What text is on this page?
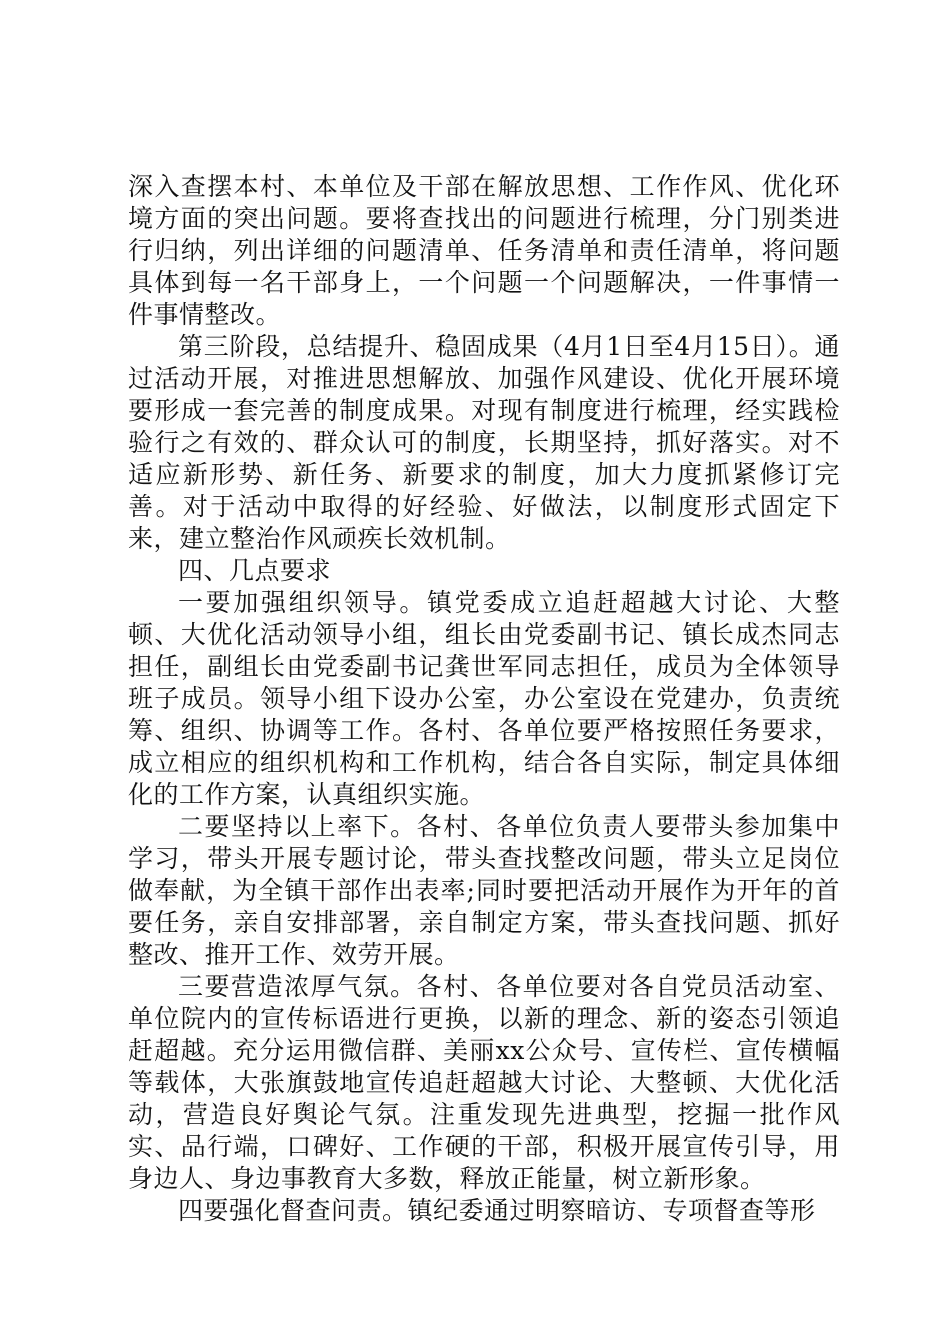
深入查摆本村、本单位及干部在解放思想、工作作风、优化环境方面的突出问题。要将查找出的问题进行梳理，分门别类进行归纳，列出详细的问题清单、任务清单和责任清单，将问题具体到每一名干部身上，一个问题一个问题解决，一件事情一件事情整改。

第三阶段，总结提升、稳固成果（4月1日至4月15日）。通过活动开展，对推进思想解放、加强作风建设、优化开展环境要形成一套完善的制度成果。对现有制度进行梳理，经实践检验行之有效的、群众认可的制度，长期坚持，抓好落实。对不适应新形势、新任务、新要求的制度，加大力度抓紧修订完善。对于活动中取得的好经验、好做法，以制度形式固定下来，建立整治作风顽疾长效机制。

四、几点要求

一要加强组织领导。镇党委成立追赶超越大讨论、大整顿、大优化活动领导小组，组长由党委副书记、镇长成杰同志担任，副组长由党委副书记龚世军同志担任，成员为全体领导班子成员。领导小组下设办公室，办公室设在党建办，负责统筹、组织、协调等工作。各村、各单位要严格按照任务要求，成立相应的组织机构和工作机构，结合各自实际，制定具体细化的工作方案，认真组织实施。

二要坚持以上率下。各村、各单位负责人要带头参加集中学习，带头开展专题讨论，带头查找整改问题，带头立足岗位做奉献，为全镇干部作出表率;同时要把活动开展作为开年的首要任务，亲自安排部署，亲自制定方案，带头查找问题、抓好整改、推开工作、效劳开展。

三要营造浓厚气氛。各村、各单位要对各自党员活动室、单位院内的宣传标语进行更换，以新的理念、新的姿态引领追赶超越。充分运用微信群、美丽xx公众号、宣传栏、宣传横幅等载体，大张旗鼓地宣传追赶超越大讨论、大整顿、大优化活动，营造良好舆论气氛。注重发现先进典型，挖掘一批作风实、品行端，口碑好、工作硬的干部，积极开展宣传引导，用身边人、身边事教育大多数，释放正能量，树立新形象。

四要强化督查问责。镇纪委通过明察暗访、专项督查等形
